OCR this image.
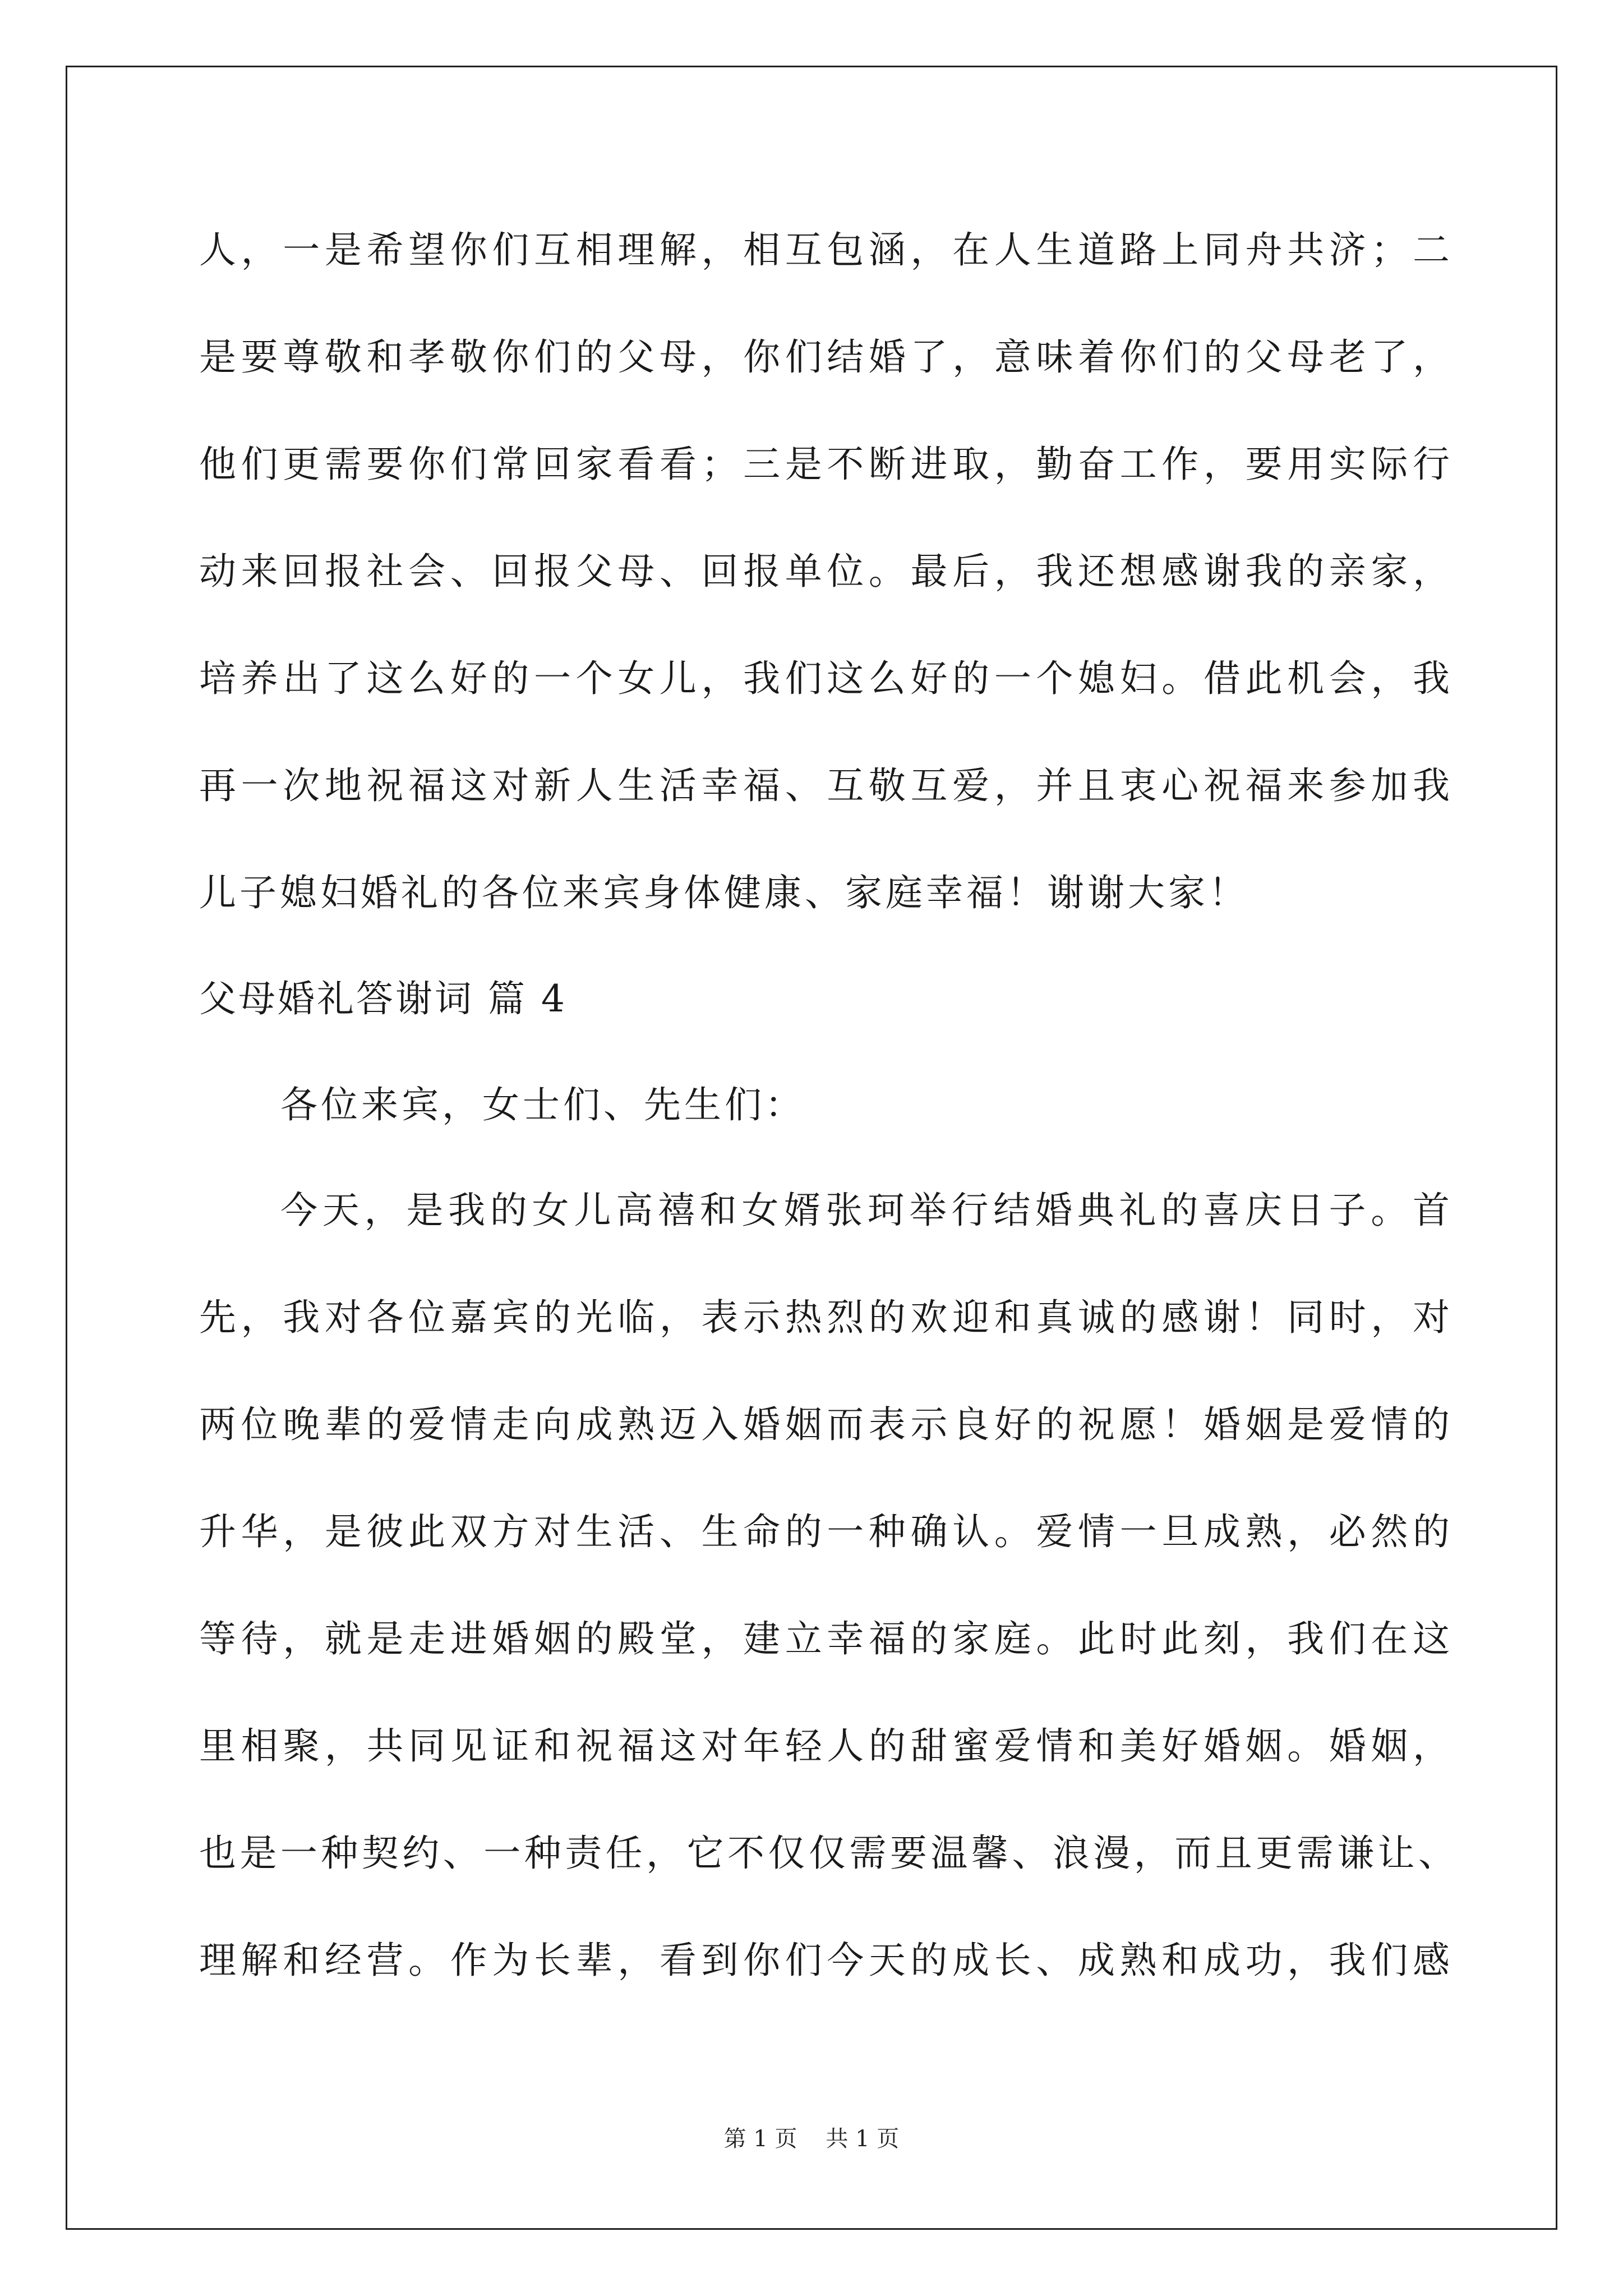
人，一是希望你们互相理解，相互包涵，在人生道路上同舟共济；二
是要尊敬和孝敬你们的父母，你们结婚了，意味着你们的父母老了，
他们更需要你们常回家看看；三是不断进取，勤奋工作，要用实际行
动来回报社会、回报父母、回报单位。最后，我还想感谢我的亲家，
培养出了这么好的一个女儿，我们这么好的一个媳妇。借此机会，我
再一次地祝福这对新人生活幸福、互敬互爱，并且衷心祝福来参加我
儿子媳妇婚礼的各位来宾身体健康、家庭幸福！谢谢大家！
父母婚礼答谢词 篇 4
各位来宾，女士们、先生们：
今天，是我的女儿高禧和女婿张珂举行结婚典礼的喜庆日子。首
先，我对各位嘉宾的光临，表示热烈的欢迎和真诚的感谢！同时，对
两位晚辈的爱情走向成熟迈入婚姻而表示良好的祝愿！婚姻是爱情的
升华，是彼此双方对生活、生命的一种确认。爱情一旦成熟，必然的
等待，就是走进婚姻的殿堂，建立幸福的家庭。此时此刻，我们在这
里相聚，共同见证和祝福这对年轻人的甜蜜爱情和美好婚姻。婚姻，
也是一种契约、一种责任，它不仅仅需要温馨、浪漫，而且更需谦让、
理解和经营。作为长辈，看到你们今天的成长、成熟和成功，我们感
第 1 页 共 1 页
